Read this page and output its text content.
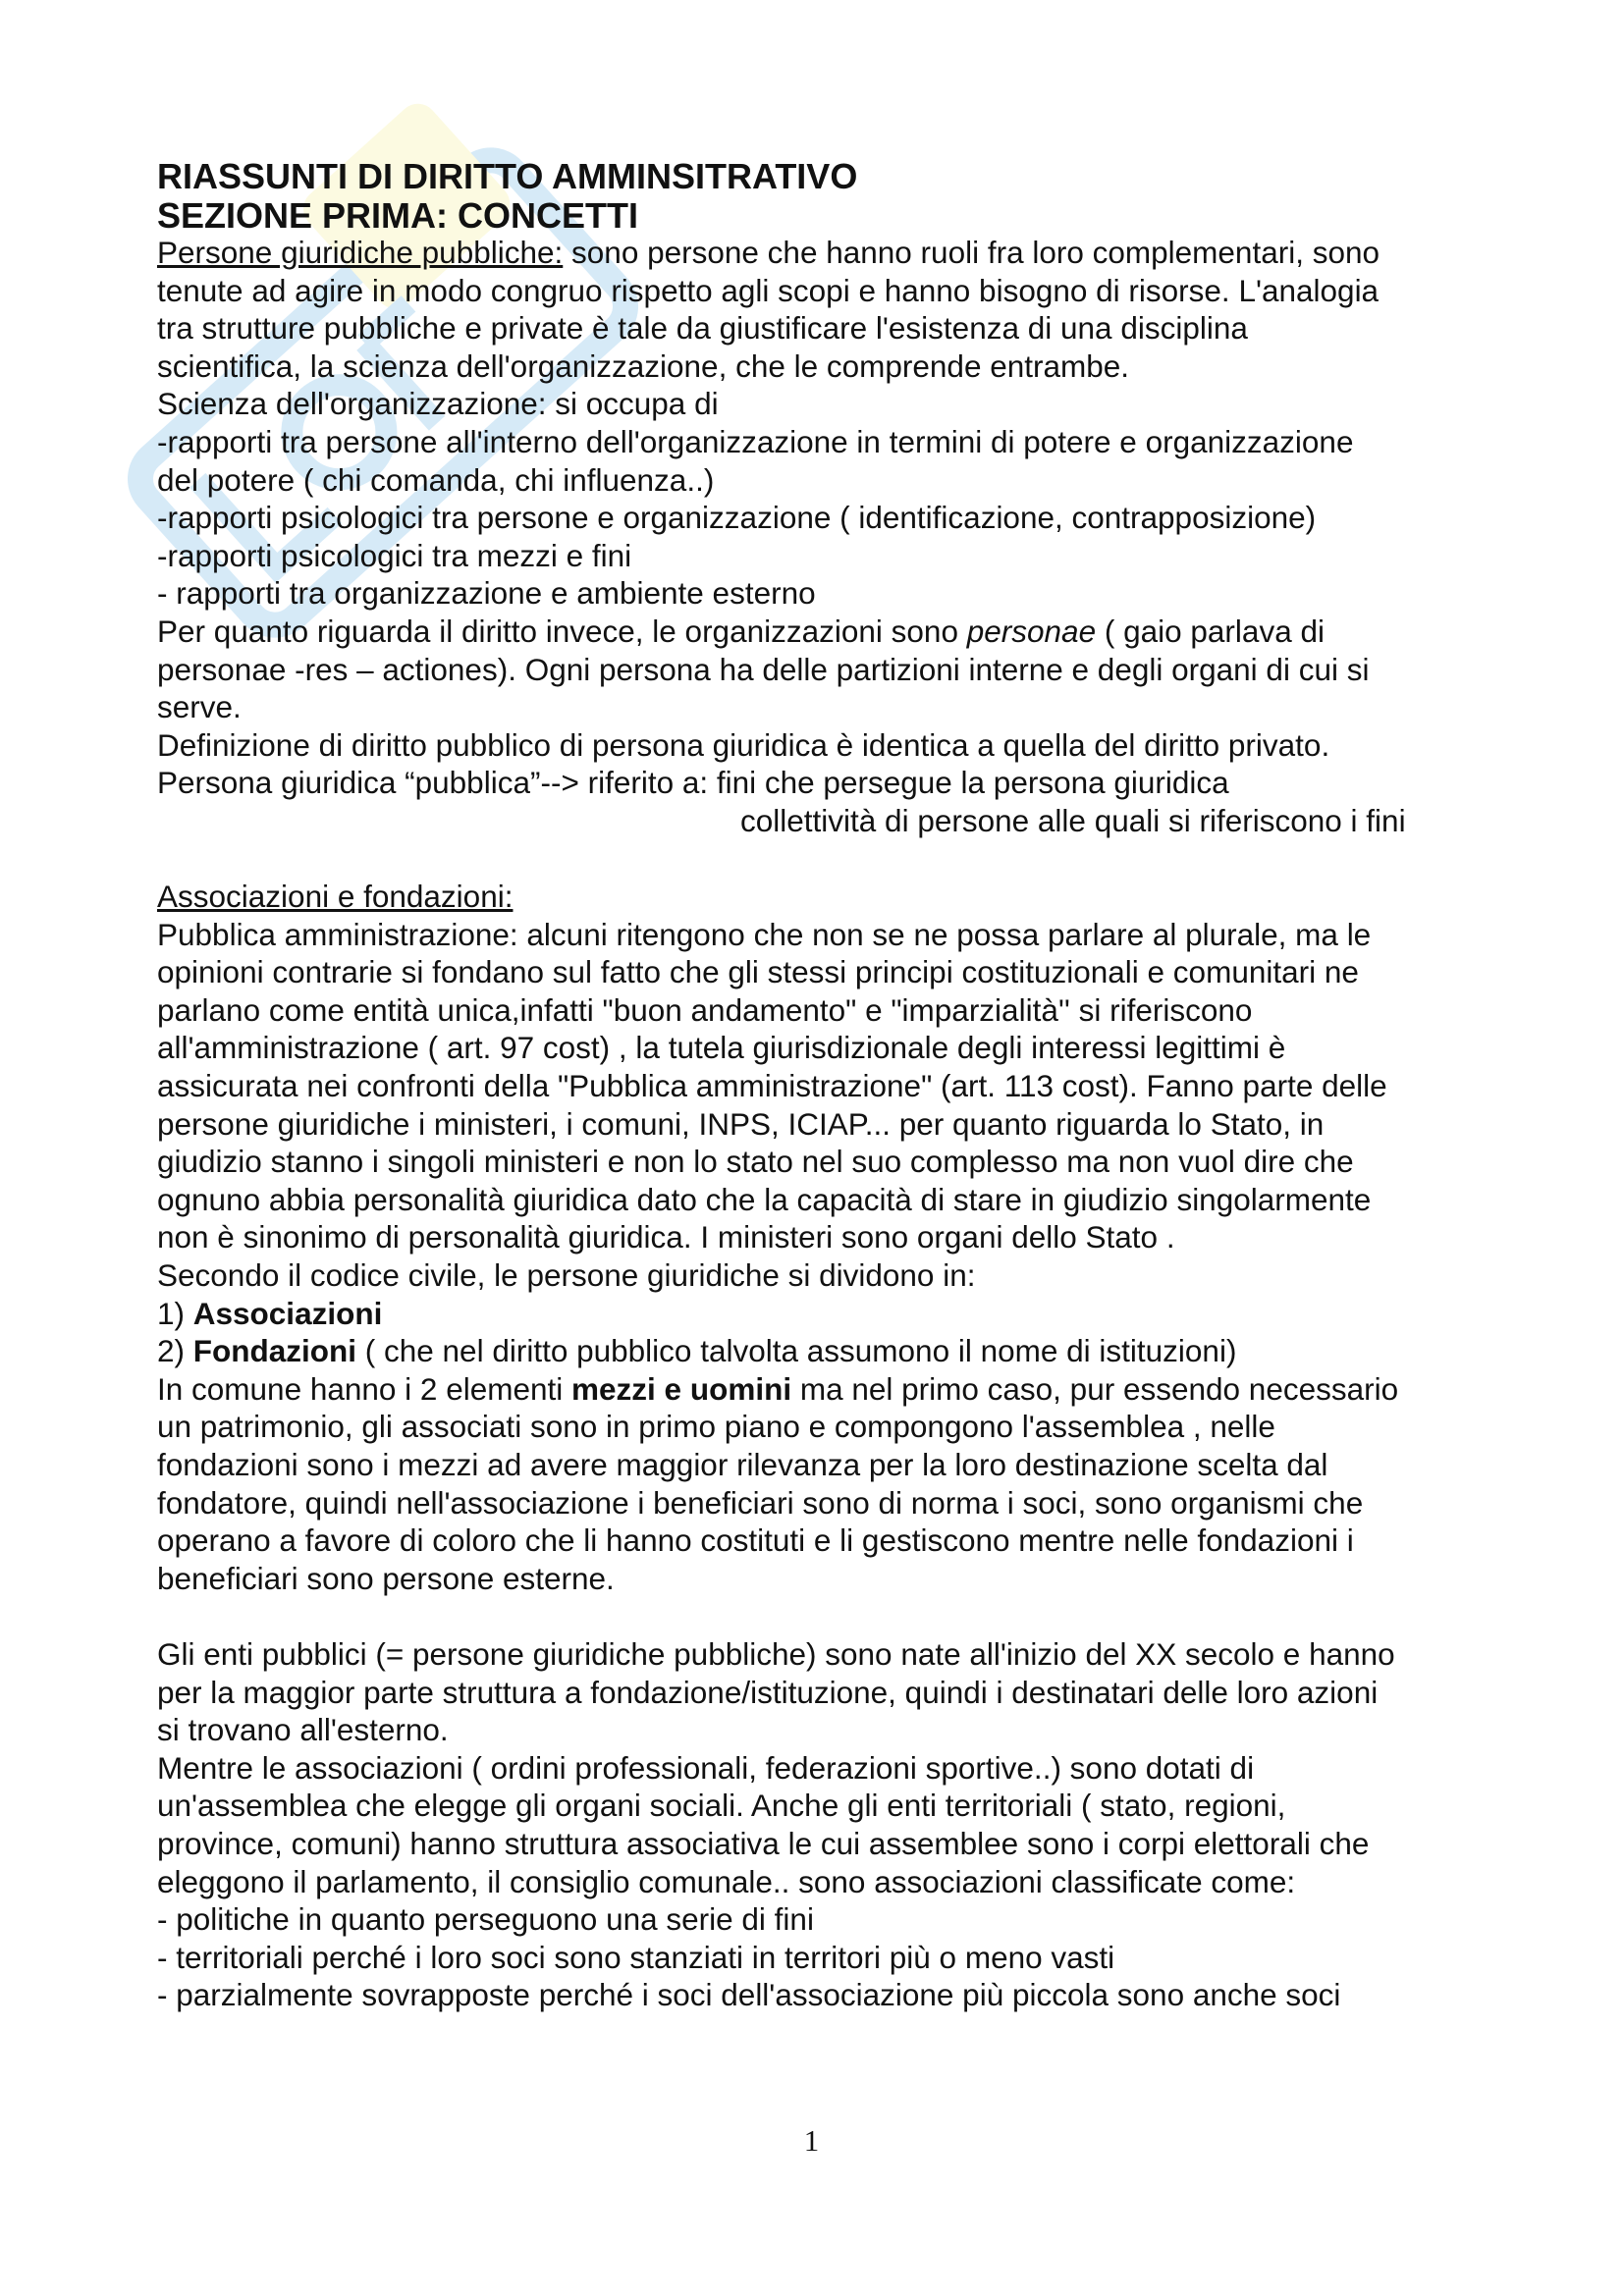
RIASSUNTI DI DIRITTO AMMINSITRATIVO

SEZIONE PRIMA: CONCETTI

Persone giuridiche pubbliche: sono persone che hanno ruoli fra loro complementari, sono

tenute ad agire in modo congruo rispetto agli scopi e hanno bisogno di risorse. L'analogia

tra strutture pubbliche e private è tale da giustificare l'esistenza di una disciplina

scientifica, la scienza dell'organizzazione, che le comprende entrambe.

Scienza dell'organizzazione: si occupa di

-rapporti tra persone all'interno dell'organizzazione in termini di potere e organizzazione

del potere ( chi comanda, chi influenza..)

-rapporti psicologici tra persone e organizzazione ( identificazione, contrapposizione)

-rapporti psicologici tra mezzi e fini

- rapporti tra organizzazione e ambiente esterno

Per quanto riguarda il diritto invece, le organizzazioni sono personae ( gaio parlava di

personae -res – actiones). Ogni persona ha delle partizioni interne e degli organi di cui si

serve.

Definizione di diritto pubblico di persona giuridica è identica a quella del diritto privato.

Persona giuridica “pubblica”--> riferito a: fini che persegue la persona giuridica

collettività di persone alle quali si riferiscono i fini

Associazioni e fondazioni:

Pubblica amministrazione: alcuni ritengono che non se ne possa parlare al plurale, ma le

opinioni contrarie si fondano sul fatto che gli stessi principi costituzionali e comunitari ne

parlano come entità unica,infatti "buon andamento" e "imparzialità'' si riferiscono

all'amministrazione ( art. 97 cost) , la tutela giurisdizionale degli interessi legittimi è

assicurata nei confronti della "Pubblica amministrazione" (art. 113 cost). Fanno parte delle

persone giuridiche i ministeri, i comuni, INPS, ICIAP... per quanto riguarda lo Stato, in

giudizio stanno i singoli ministeri e non lo stato nel suo complesso ma non vuol dire che

ognuno abbia personalità giuridica dato che la capacità di stare in giudizio singolarmente

non è sinonimo di personalità giuridica. I ministeri sono organi dello Stato .

Secondo il codice civile, le persone giuridiche si dividono in:

1) Associazioni

2) Fondazioni ( che nel diritto pubblico talvolta assumono il nome di istituzioni)

In comune hanno i 2 elementi mezzi e uomini ma nel primo caso, pur essendo necessario

un patrimonio, gli associati sono in primo piano e compongono l'assemblea , nelle

fondazioni sono i mezzi ad avere maggior rilevanza per la loro destinazione scelta dal

fondatore, quindi nell'associazione i beneficiari sono di norma i soci, sono organismi che

operano a favore di coloro che li hanno costituti e li gestiscono mentre nelle fondazioni i

beneficiari sono persone esterne.

Gli enti pubblici (= persone giuridiche pubbliche) sono nate all'inizio del XX secolo e hanno

per la maggior parte struttura a fondazione/istituzione, quindi i destinatari delle loro azioni

si trovano all'esterno.

Mentre le associazioni ( ordini professionali, federazioni sportive..) sono dotati di

un'assemblea che elegge gli organi sociali. Anche gli enti territoriali ( stato, regioni,

province, comuni) hanno struttura associativa le cui assemblee sono i corpi elettorali che

eleggono il parlamento, il consiglio comunale.. sono associazioni classificate come:

- politiche in quanto perseguono una serie di fini

- territoriali perché i loro soci sono stanziati in territori più o meno vasti

- parzialmente sovrapposte perché i soci dell'associazione più piccola sono anche soci

1
